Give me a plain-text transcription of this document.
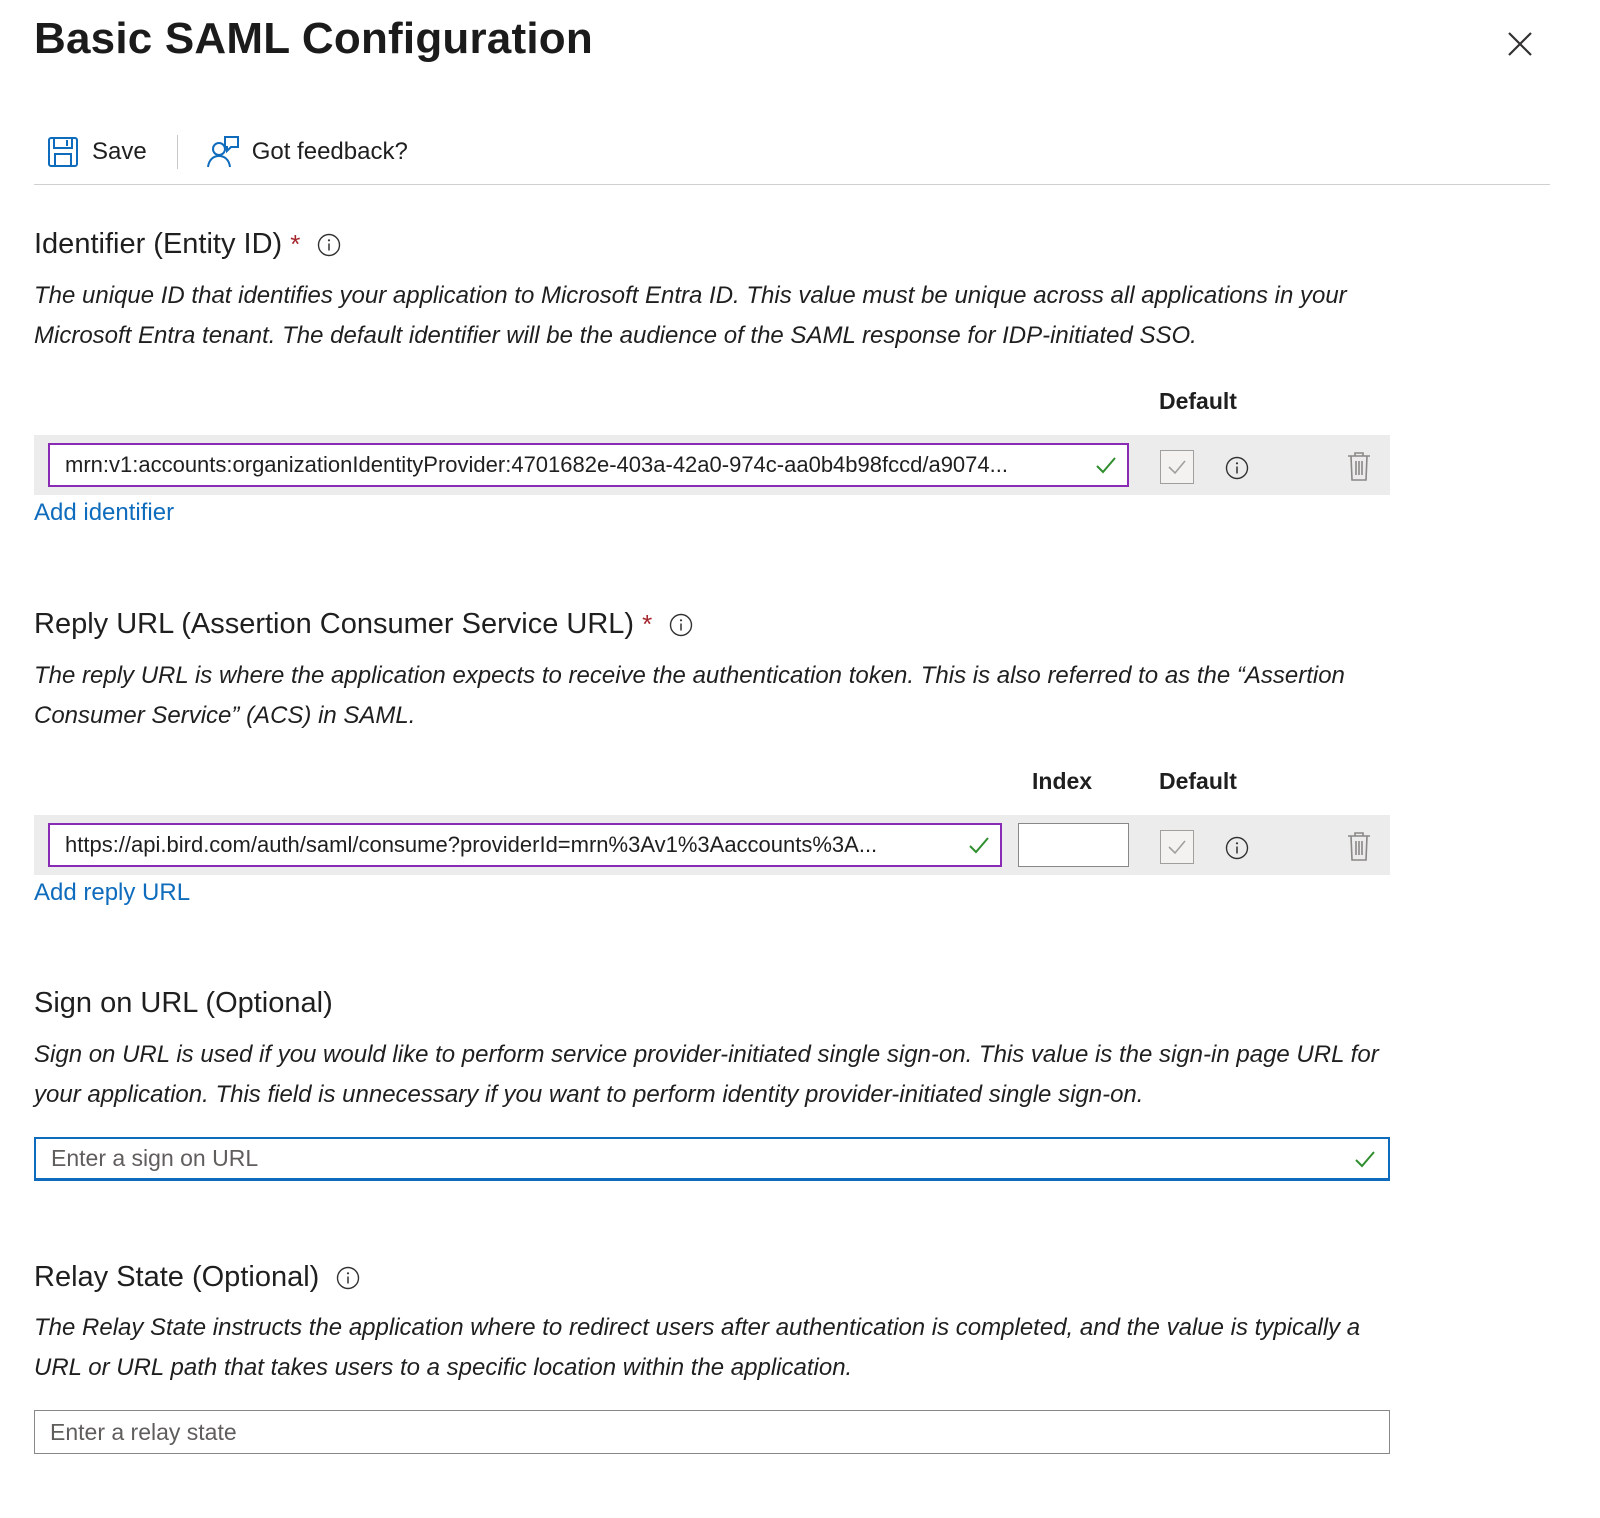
Basic SAML Configuration
Save	Got feedback?
Identifier (Entity ID) *
The unique ID that identifies your application to Microsoft Entra ID. This value must be unique across all applications in your Microsoft Entra tenant. The default identifier will be the audience of the SAML response for IDP-initiated SSO.
Default
mrn:v1:accounts:organizationIdentityProvider:4701682e-403a-42a0-974c-aa0b4b98fccd/a9074...
Add identifier
Reply URL (Assertion Consumer Service URL) *
The reply URL is where the application expects to receive the authentication token. This is also referred to as the “Assertion Consumer Service” (ACS) in SAML.
Index	Default
https://api.bird.com/auth/saml/consume?providerId=mrn%3Av1%3Aaccounts%3A...
Add reply URL
Sign on URL (Optional)
Sign on URL is used if you would like to perform service provider-initiated single sign-on. This value is the sign-in page URL for your application. This field is unnecessary if you want to perform identity provider-initiated single sign-on.
Enter a sign on URL
Relay State (Optional)
The Relay State instructs the application where to redirect users after authentication is completed, and the value is typically a URL or URL path that takes users to a specific location within the application.
Enter a relay state
